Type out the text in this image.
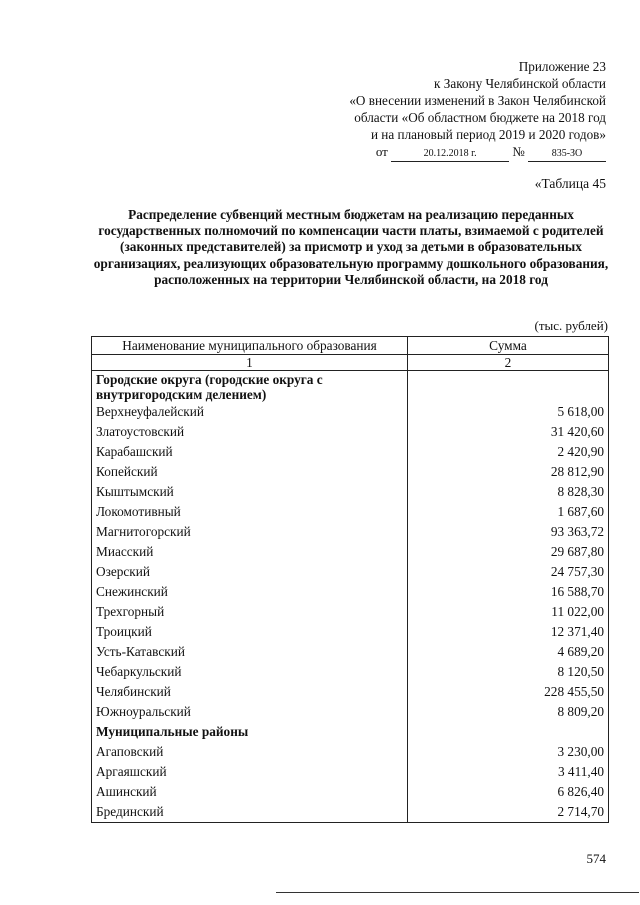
Приложение 23
к Закону Челябинской области
«О внесении изменений в Закон Челябинской
области «Об областном бюджете на 2018 год
и на плановый период 2019 и 2020 годов»
от	20.12.2018 г.	№	835-ЗО
«Таблица 45
Распределение субвенций местным бюджетам на реализацию переданных государственных полномочий по компенсации части платы, взимаемой с родителей (законных представителей) за присмотр и уход за детьми в образовательных организациях, реализующих образовательную программу дошкольного образования, расположенных на территории Челябинской области, на 2018 год
(тыс. рублей)
Наименование муниципального образования	Сумма
1	2
Городские округа (городские округа с внутригородским делением)	
Верхнеуфалейский	5 618,00
Златоустовский	31 420,60
Карабашский	2 420,90
Копейский	28 812,90
Кыштымский	8 828,30
Локомотивный	1 687,60
Магнитогорский	93 363,72
Миасский	29 687,80
Озерский	24 757,30
Снежинский	16 588,70
Трехгорный	11 022,00
Троицкий	12 371,40
Усть-Катавский	4 689,20
Чебаркульский	8 120,50
Челябинский	228 455,50
Южноуральский	8 809,20
Муниципальные районы	
Агаповский	3 230,00
Аргаяшский	3 411,40
Ашинский	6 826,40
Брединский	2 714,70
574
